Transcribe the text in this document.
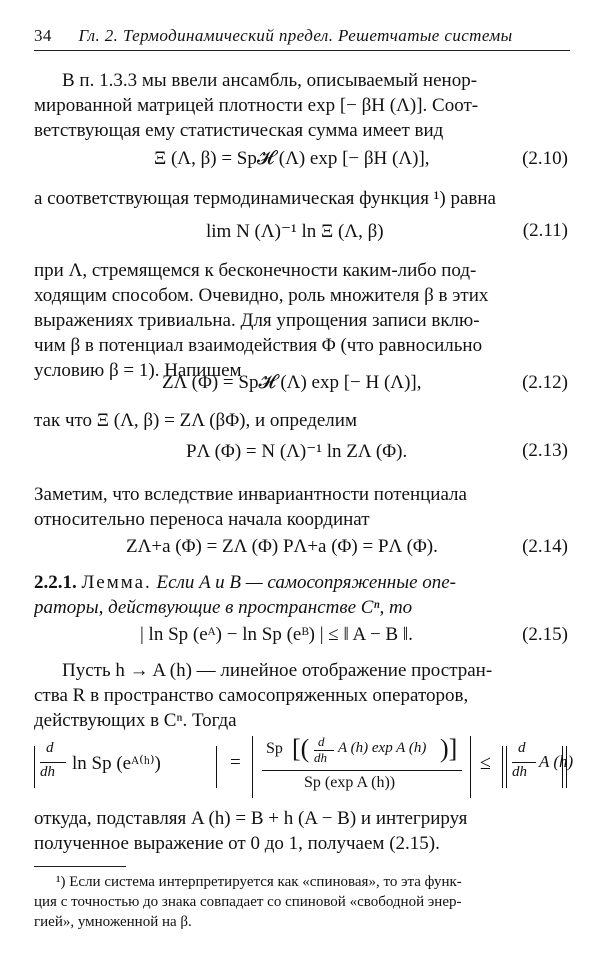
34 Гл. 2. Термодинамический предел. Решетчатые системы
В п. 1.3.3 мы ввели ансамбль, описываемый ненор-
мированной матрицей плотности exp [− βH (Λ)]. Соот-
ветствующая ему статистическая сумма имеет вид
Ξ (Λ, β) = Sp𝓗 (Λ) exp [− βH (Λ)],	(2.10)
а соответствующая термодинамическая функция ¹) равна
lim N (Λ)⁻¹ ln Ξ (Λ, β)	(2.11)
при Λ, стремящемся к бесконечности каким-либо под-
ходящим способом. Очевидно, роль множителя β в этих
выражениях тривиальна. Для упрощения записи вклю-
чим β в потенциал взаимодействия Φ (что равносильно
условию β = 1). Напишем
ZΛ (Φ) = Sp𝓗 (Λ) exp [− H (Λ)],	(2.12)
так что Ξ (Λ, β) = ZΛ (βΦ), и определим
PΛ (Φ) = N (Λ)⁻¹ ln ZΛ (Φ).	(2.13)
Заметим, что вследствие инвариантности потенциала
относительно переноса начала координат
ZΛ+a (Φ) = ZΛ (Φ) PΛ+a (Φ) = PΛ (Φ).	(2.14)
2.2.1. Лемма. Если A и B — самосопряженные опе-
раторы, действующие в пространстве Cⁿ, то
| ln Sp (eᴬ) − ln Sp (eᴮ) | ≤ ‖ A − B ‖.	(2.15)
Пусть h → A (h) — линейное отображение простран-
ства R в пространство самосопряженных операторов,
действующих в Cⁿ. Тогда
d
dh ln Sp (eᴬ⁽ʰ⁾)	=
Sp [( d
dh
A (h) exp A (h) )]
Sp (exp A (h))
≤
d
dh
A (h)
откуда, подставляя A (h) = B + h (A − B) и интегрируя
полученное выражение от 0 до 1, получаем (2.15).
¹) Если система интерпретируется как «спиновая», то эта функ-
ция с точностью до знака совпадает со спиновой «свободной энер-
гией», умноженной на β.
